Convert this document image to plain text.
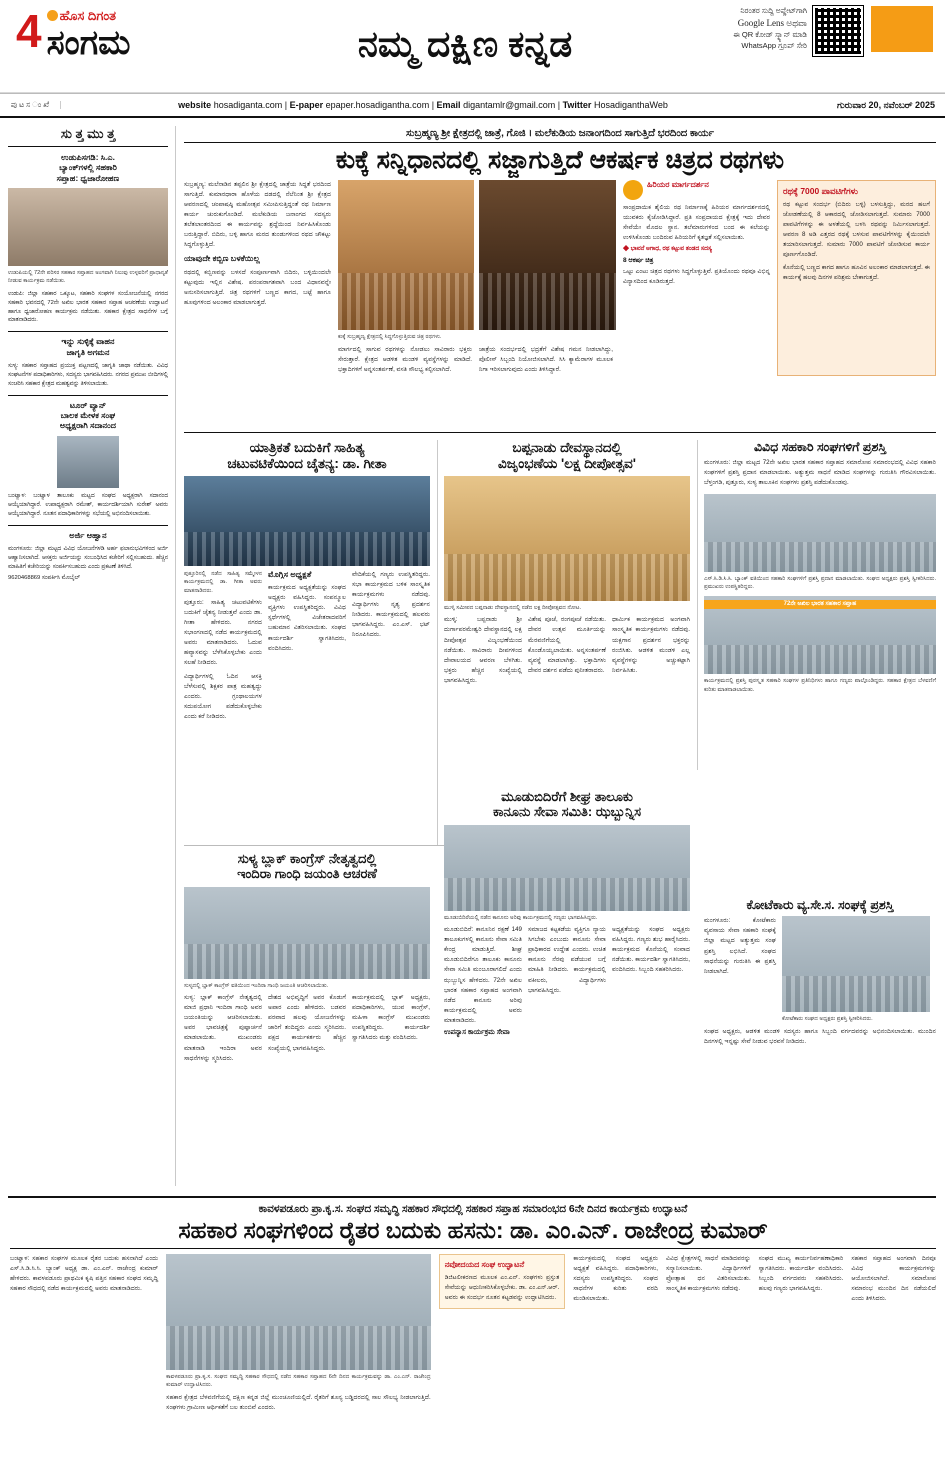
4	ಹೊಸ ದಿಗಂತ
ಸಂಗಮ	ನಮ್ಮ ದಕ್ಷಿಣ ಕನ್ನಡ
ನಿರಂತರ ಸುದ್ದಿ ಅಪ್ಡೇಟ್‌ಗಾಗಿ
Google Lens ಅಥವಾ
ಈ QR ಕೋಡ್ ಸ್ಕ್ಯಾನ್ ಮಾಡಿ
WhatsApp ಗ್ರೂಪ್ ಸೇರಿ
ಪು ಟ ಸ ಂ ಖೆ	website hosadiganta.com | E-paper epaper.hosadigantha.com | Email digantamlr@gmail.com | Twitter HosadiganthaWeb	ಗುರುವಾರ 20, ನವೆಂಬರ್ 2025
ಸು ತ್ತ ಮು ತ್ತ
ಉಡುಪಿಸಗಡಿ: ಸಿ.ಎ.
ಬ್ಯಾಂಕ್‌ಗಳಲ್ಲಿ ಸಹಕಾರಿ
ಸಪ್ತಾಹ: ಧ್ವಜಾರೋಹಣ
ಉಡುಪಿಯಲ್ಲಿ 72ನೇ ಪರಿಸರ ಸಹಕಾರ ಸಪ್ತಾಹದ ಅಂಗವಾಗಿ ನಿಲುವು ಉಳ್ಳವರಿಗೆ ಪ್ರಾಧಾನ್ಯತೆ ನೀಡುವ ಕಾರ್ಯಕ್ರಮ ನಡೆಯಿತು.
ಉಡುಪಿ: ಜಿಲ್ಲಾ ಸಹಕಾರ ಒಕ್ಕೂಟ, ಸಹಕಾರಿ ಸಂಘಗಳ ಸಂಯೋಜನೆಯಲ್ಲಿ ನಗರದ ಸಹಕಾರಿ ಭವನದಲ್ಲಿ 72ನೇ ಅಖಿಲ ಭಾರತ ಸಹಕಾರ ಸಪ್ತಾಹ ಆಚರಣೆಯ ಉದ್ಘಾಟನೆ ಹಾಗೂ ಧ್ವಜಾರೋಹಣ ಕಾರ್ಯಕ್ರಮ ನಡೆಯಿತು. ಸಹಕಾರ ಕ್ಷೇತ್ರದ ಸಾಧನೆಗಳ ಬಗ್ಗೆ ಮಾತನಾಡಿದರು.
ಇನ್ನು ಸುಳ್ಳಿಕ್ಕೆ ವಾಹನ
ಜಾಗೃತಿ ಅಗಮನ
ಸುಳ್ಯ: ಸಹಕಾರ ಸಪ್ತಾಹದ ಪ್ರಯುಕ್ತ ಪಟ್ಟಣದಲ್ಲಿ ಜಾಗೃತಿ ಜಾಥಾ ನಡೆಯಿತು. ವಿವಿಧ ಸಂಘಟನೆಗಳ ಪದಾಧಿಕಾರಿಗಳು, ಸದಸ್ಯರು ಭಾಗವಹಿಸಿದರು. ನಗರದ ಪ್ರಮುಖ ಬೀದಿಗಳಲ್ಲಿ ಸಂಚರಿಸಿ ಸಹಕಾರ ಕ್ಷೇತ್ರದ ಮಹತ್ವವನ್ನು ತಿಳಿಸಲಾಯಿತು.
ಟೂರ್ ವ್ಯಾನ್
ಬಾಲಕ ಮೇಳಕ ಸಂಘ
ಅಧ್ಯಕ್ಷರಾಗಿ ಸದಾನಂದ
ಬಂಟ್ವಾಳ: ಬಂಟ್ವಾಳ ತಾಲೂಕು ಮಟ್ಟದ ಸಂಘದ ಅಧ್ಯಕ್ಷರಾಗಿ ಸದಾನಂದ ಆಯ್ಕೆಯಾಗಿದ್ದಾರೆ. ಉಪಾಧ್ಯಕ್ಷರಾಗಿ ರಮೇಶ್, ಕಾರ್ಯದರ್ಶಿಯಾಗಿ ಸುರೇಶ್ ಅವರು ಆಯ್ಕೆಯಾಗಿದ್ದಾರೆ. ನೂತನ ಪದಾಧಿಕಾರಿಗಳನ್ನು ಸಭೆಯಲ್ಲಿ ಅಭಿನಂದಿಸಲಾಯಿತು.
ಅರ್ಜಿ ಆಹ್ವಾನ
ಮಂಗಳೂರು: ಜಿಲ್ಲಾ ಮಟ್ಟದ ವಿವಿಧ ಯೋಜನೆಗಳಡಿ ಅರ್ಹ ಫಲಾನುಭವಿಗಳಿಂದ ಅರ್ಜಿ ಆಹ್ವಾನಿಸಲಾಗಿದೆ. ಆಸಕ್ತರು ಅರ್ಜಿಯನ್ನು ಸಂಬಂಧಿಸಿದ ಕಚೇರಿಗೆ ಸಲ್ಲಿಸಬಹುದು. ಹೆಚ್ಚಿನ ಮಾಹಿತಿಗೆ ಕಚೇರಿಯನ್ನು ಸಂಪರ್ಕಿಸಬಹುದು ಎಂದು ಪ್ರಕಟಣೆ ತಿಳಿಸಿದೆ.
9620468869 ಸಂಪರ್ಕಿಸಿ ಮೊಬೈಲ್
ಸುಬ್ರಹ್ಮಣ್ಯ ಶ್ರೀ ಕ್ಷೇತ್ರದಲ್ಲಿ ಜಾತ್ರೆ, ಗೊಜಿ । ಮಲೆಕುಡಿಯ ಜನಾಂಗದಿಂದ ಸಾಗುತ್ತಿದೆ ಭರದಿಂದ ಕಾರ್ಯ
ಕುಕ್ಕೆ ಸನ್ನಿಧಾನದಲ್ಲಿ ಸಜ್ಜಾಗುತ್ತಿದೆ ಆಕರ್ಷಕ ಚಿತ್ರದ ರಥಗಳು
ಸುಬ್ರಹ್ಮಣ್ಯ: ಮಲೆನಾಡಿನ ತಪ್ಪಲಿನ ಶ್ರೀ ಕ್ಷೇತ್ರದಲ್ಲಿ ಜಾತ್ರೆಯ ಸಿದ್ಧತೆ ಭರದಿಂದ ಸಾಗುತ್ತಿದೆ. ಕುಮಾರಧಾರಾ ಹೊಳೆಯ ದಡದಲ್ಲಿ ನೆಲೆನಿಂತ ಶ್ರೀ ಕ್ಷೇತ್ರದ ಆವರಣದಲ್ಲಿ ಚಂಪಾಷಷ್ಠಿ ಮಹೋತ್ಸವ ಸಮೀಪಿಸುತ್ತಿದ್ದಂತೆ ರಥ ನಿರ್ಮಾಣ ಕಾರ್ಯ ಚುರುಕುಗೊಂಡಿದೆ. ಮಲೆಕುಡಿಯ ಜನಾಂಗದ ಸದಸ್ಯರು ತಲೆತಲಾಂತರದಿಂದ ಈ ಕಾರ್ಯವನ್ನು ಶ್ರದ್ಧೆಯಿಂದ ನಿರ್ವಹಿಸಿಕೊಂಡು ಬರುತ್ತಿದ್ದಾರೆ. ಬಿದಿರು, ಬಳ್ಳಿ ಹಾಗೂ ಮರದ ತುಂಡುಗಳಿಂದ ರಥದ ಚೌಕಟ್ಟು ಸಿದ್ಧಗೊಳ್ಳುತ್ತಿದೆ.
ಯಾವುದೇ ಕಬ್ಬಿಣ ಬಳಕೆಯಿಲ್ಲ
ರಥದಲ್ಲಿ ಕಬ್ಬಿಣವನ್ನು ಬಳಸದೆ ಸಂಪೂರ್ಣವಾಗಿ ಬಿದಿರು, ಬಳ್ಳಿಯಿಂದಲೇ ಕಟ್ಟುವುದು ಇಲ್ಲಿನ ವಿಶೇಷ. ಪರಂಪರಾಗತವಾಗಿ ಬಂದ ವಿಧಾನವನ್ನೇ ಅನುಸರಿಸಲಾಗುತ್ತಿದೆ. ಚಿತ್ರ ರಥಗಳಿಗೆ ಬಣ್ಣದ ಕಾಗದ, ಬಟ್ಟೆ ಹಾಗೂ ಹೂವುಗಳಿಂದ ಅಲಂಕಾರ ಮಾಡಲಾಗುತ್ತದೆ.
ಕುಕ್ಕೆ ಸುಬ್ರಹ್ಮಣ್ಯ ಕ್ಷೇತ್ರದಲ್ಲಿ ಸಿದ್ಧಗೊಳ್ಳುತ್ತಿರುವ ಚಿತ್ರ ರಥಗಳು.
ಮಾರ್ಗದಲ್ಲಿ ಸಾಗುವ ರಥಗಳನ್ನು ನೋಡಲು ಸಾವಿರಾರು ಭಕ್ತರು ಸೇರುತ್ತಾರೆ. ಕ್ಷೇತ್ರದ ಆಡಳಿತ ಮಂಡಳಿ ವ್ಯವಸ್ಥೆಗಳನ್ನು ಮಾಡಿದೆ. ಭಕ್ತಾದಿಗಳಿಗೆ ಅನ್ನಸಂತರ್ಪಣೆ, ವಸತಿ ಸೌಲಭ್ಯ ಕಲ್ಪಿಸಲಾಗಿದೆ.
ಜಾತ್ರೆಯ ಸಂದರ್ಭದಲ್ಲಿ ಭದ್ರತೆಗೆ ವಿಶೇಷ ಗಮನ ನೀಡಲಾಗಿದ್ದು, ಪೊಲೀಸ್ ಸಿಬ್ಬಂದಿ ನಿಯೋಜಿಸಲಾಗಿದೆ. ಸಿಸಿ ಕ್ಯಾಮೆರಾಗಳ ಮೂಲಕ ನಿಗಾ ಇರಿಸಲಾಗುವುದು ಎಂದು ತಿಳಿಸಿದ್ದಾರೆ.
ಹಿರಿಯರ ಮಾರ್ಗದರ್ಶನ
ಸಾಂಪ್ರದಾಯಿಕ ಶೈಲಿಯ ರಥ ನಿರ್ಮಾಣಕ್ಕೆ ಹಿರಿಯರ ಮಾರ್ಗದರ್ಶನದಲ್ಲಿ ಯುವಕರು ಕೈಜೋಡಿಸಿದ್ದಾರೆ. ಪ್ರತಿ ಸಂಪ್ರದಾಯದ ಕ್ಷೇತ್ರಕ್ಕೆ ಇದು ದೇವರ ಸೇವೆಯೇ ಮೊದಲ ಸ್ಥಾನ. ತಲೆಮಾರುಗಳಿಂದ ಬಂದ ಈ ಕಲೆಯನ್ನು ಉಳಿಸಿಕೊಂಡು ಬಂದಿರುವ ಹಿರಿಯರಿಗೆ ಕೃತಜ್ಞತೆ ಸಲ್ಲಿಸಲಾಯಿತು.
◆ ಭಾವನೆ ಅಗಾಧ, ರಥ ಕಟ್ಟುವ ತಂಡದ ಸದಸ್ಯ
8 ಆಕರ್ಷ ಚಿತ್ರ
ಒಟ್ಟು ಎಂಟು ಚಿತ್ರದ ರಥಗಳು ಸಿದ್ಧಗೊಳ್ಳುತ್ತಿವೆ. ಪ್ರತಿಯೊಂದು ರಥವೂ ವಿಭಿನ್ನ ವಿನ್ಯಾಸದಿಂದ ಕೂಡಿರುತ್ತದೆ.
ರಥಕ್ಕೆ 7000 ಪಾವಟಿಗೆಗಳು
ರಥ ಕಟ್ಟುವ ಸಂದರ್ಭ (ಬಿದಿರು ಬಳ್ಳಿ) ಬಳಸುತ್ತಿದ್ದು, ಮರದ ಹಲಗೆ ಜೋಡಣೆಯಲ್ಲಿ 8 ಆಕಾರದಲ್ಲಿ ಜೋಡಿಸಲಾಗುತ್ತದೆ. ಸುಮಾರು 7000 ಪಾವಟಿಗೆಗಳನ್ನು ಈ ಅಳತೆಯಲ್ಲಿ ಬಳಸಿ ರಥವನ್ನು ನಿರ್ಮಿಸಲಾಗುತ್ತದೆ. ಆವರಣ 8 ಅಡಿ ಎತ್ತರದ ರಥಕ್ಕೆ ಬಳಸುವ ಪಾವಟಿಗೆಗಳನ್ನು ಕೈಯಿಂದಲೇ ತಯಾರಿಸಲಾಗುತ್ತದೆ. ಸುಮಾರು 7000 ಪಾವಟಿಗೆ ಜೋಡಿಸುವ ಕಾರ್ಯ ಪೂರ್ಣಗೊಂಡಿದೆ.
ಕೊನೆಯಲ್ಲಿ ಬಣ್ಣದ ಕಾಗದ ಹಾಗೂ ಹೂವಿನ ಅಲಂಕಾರ ಮಾಡಲಾಗುತ್ತದೆ. ಈ ಕಾರ್ಯಕ್ಕೆ ಹಲವು ದಿನಗಳ ಪರಿಶ್ರಮ ಬೇಕಾಗುತ್ತದೆ.
ಯಾತ್ರಿಕತೆ ಬದುಕಿಗೆ ಸಾಹಿತ್ಯ
ಚಟುವಟಿಕೆಯಿಂದ ಚೈತನ್ಯ: ಡಾ. ಗೀತಾ
ಪುತ್ತೂರಿನಲ್ಲಿ ನಡೆದ ಸಾಹಿತ್ಯ ಸಮ್ಮೇಳನ ಕಾರ್ಯಕ್ರಮದಲ್ಲಿ ಡಾ. ಗೀತಾ ಅವರು ಮಾತನಾಡಿದರು.
ಪುತ್ತೂರು: ಸಾಹಿತ್ಯ ಚಟುವಟಿಕೆಗಳು ಬದುಕಿಗೆ ಚೈತನ್ಯ ನೀಡುತ್ತವೆ ಎಂದು ಡಾ. ಗೀತಾ ಹೇಳಿದರು. ನಗರದ ಸಭಾಂಗಣದಲ್ಲಿ ನಡೆದ ಕಾರ್ಯಕ್ರಮದಲ್ಲಿ ಅವರು ಮಾತನಾಡಿದರು. ಓದುವ ಹವ್ಯಾಸವನ್ನು ಬೆಳೆಸಿಕೊಳ್ಳಬೇಕು ಎಂದು ಸಲಹೆ ನೀಡಿದರು.
ವಿದ್ಯಾರ್ಥಿಗಳಲ್ಲಿ ಓದಿನ ಆಸಕ್ತಿ ಬೆಳೆಸುವಲ್ಲಿ ಶಿಕ್ಷಕರ ಪಾತ್ರ ಮಹತ್ವದ್ದು ಎಂದರು. ಗ್ರಂಥಾಲಯಗಳ ಸದುಪಯೋಗ ಪಡೆದುಕೊಳ್ಳಬೇಕು ಎಂದು ಕರೆ ನೀಡಿದರು.
ಮೊಗ್ಗಿಸ ಅಧ್ಯಕ್ಷತೆ
ಕಾರ್ಯಕ್ರಮದ ಅಧ್ಯಕ್ಷತೆಯನ್ನು ಸಂಘದ ಅಧ್ಯಕ್ಷರು ವಹಿಸಿದ್ದರು. ಸಂಪನ್ಮೂಲ ವ್ಯಕ್ತಿಗಳು ಉಪಸ್ಥಿತರಿದ್ದರು. ವಿವಿಧ ಸ್ಪರ್ಧೆಗಳಲ್ಲಿ ವಿಜೇತರಾದವರಿಗೆ ಬಹುಮಾನ ವಿತರಿಸಲಾಯಿತು. ಸಂಘದ ಕಾರ್ಯದರ್ಶಿ ಸ್ವಾಗತಿಸಿದರು, ವಂದಿಸಿದರು.
ವೇದಿಕೆಯಲ್ಲಿ ಗಣ್ಯರು ಉಪಸ್ಥಿತರಿದ್ದರು. ಸಭಾ ಕಾರ್ಯಕ್ರಮದ ಬಳಿಕ ಸಾಂಸ್ಕೃತಿಕ ಕಾರ್ಯಕ್ರಮಗಳು ನಡೆದವು. ವಿದ್ಯಾರ್ಥಿಗಳು ನೃತ್ಯ ಪ್ರದರ್ಶನ ನೀಡಿದರು. ಕಾರ್ಯಕ್ರಮದಲ್ಲಿ ಹಲವರು ಭಾಗವಹಿಸಿದ್ದರು. ಎಂ.ಎಸ್. ಭಟ್ ನಿರೂಪಿಸಿದರು.
ಬಪ್ಪನಾಡು ದೇವಸ್ಥಾನದಲ್ಲಿ
ವಿಜೃಂಭಣೆಯ 'ಲಕ್ಷ ದೀಪೋತ್ಸವ'
ಮುಳ್ಕಿ ಸಮೀಪದ ಬಪ್ಪನಾಡು ದೇವಸ್ಥಾನದಲ್ಲಿ ನಡೆದ ಲಕ್ಷ ದೀಪೋತ್ಸವದ ನೋಟ.
ಮುಳ್ಕಿ: ಬಪ್ಪನಾಡು ಶ್ರೀ ದುರ್ಗಾಪರಮೇಶ್ವರಿ ದೇವಸ್ಥಾನದಲ್ಲಿ ಲಕ್ಷ ದೀಪೋತ್ಸವ ವಿಜೃಂಭಣೆಯಿಂದ ನಡೆಯಿತು. ಸಾವಿರಾರು ದೀಪಗಳಿಂದ ದೇವಾಲಯದ ಆವರಣ ಬೆಳಗಿತು. ಭಕ್ತರು ಹೆಚ್ಚಿನ ಸಂಖ್ಯೆಯಲ್ಲಿ ಭಾಗವಹಿಸಿದ್ದರು.
ವಿಶೇಷ ಪೂಜೆ, ರಂಗಪೂಜೆ ನಡೆಯಿತು. ದೇವರ ಉತ್ಸವ ಮೂರ್ತಿಯನ್ನು ಮೆರವಣಿಗೆಯಲ್ಲಿ ಕೊಂಡೊಯ್ಯಲಾಯಿತು. ಅನ್ನಸಂತರ್ಪಣೆ ವ್ಯವಸ್ಥೆ ಮಾಡಲಾಗಿತ್ತು. ಭಕ್ತಾದಿಗಳು ದೇವರ ದರ್ಶನ ಪಡೆದು ಪುನೀತರಾದರು.
ಧಾರ್ಮಿಕ ಕಾರ್ಯಕ್ರಮದ ಅಂಗವಾಗಿ ಸಾಂಸ್ಕೃತಿಕ ಕಾರ್ಯಕ್ರಮಗಳು ನಡೆದವು. ಯಕ್ಷಗಾನ ಪ್ರದರ್ಶನ ಭಕ್ತರನ್ನು ರಂಜಿಸಿತು. ಆಡಳಿತ ಮಂಡಳಿ ಎಲ್ಲ ವ್ಯವಸ್ಥೆಗಳನ್ನು ಅಚ್ಚುಕಟ್ಟಾಗಿ ನಿರ್ವಹಿಸಿತು.
ವಿವಿಧ ಸಹಕಾರಿ ಸಂಘಗಳಿಗೆ ಪ್ರಶಸ್ತಿ
ಮಂಗಳೂರು: ಜಿಲ್ಲಾ ಮಟ್ಟದ 72ನೇ ಅಖಿಲ ಭಾರತ ಸಹಕಾರ ಸಪ್ತಾಹದ ಸಮಾರೋಪ ಸಮಾರಂಭದಲ್ಲಿ ವಿವಿಧ ಸಹಕಾರಿ ಸಂಘಗಳಿಗೆ ಪ್ರಶಸ್ತಿ ಪ್ರದಾನ ಮಾಡಲಾಯಿತು. ಅತ್ಯುತ್ತಮ ಸಾಧನೆ ಮಾಡಿದ ಸಂಘಗಳನ್ನು ಗುರುತಿಸಿ ಗೌರವಿಸಲಾಯಿತು. ಬೆಳ್ತಂಗಡಿ, ಪುತ್ತೂರು, ಸುಳ್ಯ ತಾಲೂಕಿನ ಸಂಘಗಳು ಪ್ರಶಸ್ತಿ ಪಡೆದುಕೊಂಡವು.
ಎಸ್.ಸಿ.ಡಿ.ಸಿ.ಸಿ. ಬ್ಯಾಂಕ್ ವತಿಯಿಂದ ಸಹಕಾರಿ ಸಂಘಗಳಿಗೆ ಪ್ರಶಸ್ತಿ ಪ್ರದಾನ ಮಾಡಲಾಯಿತು. ಸಂಘದ ಅಧ್ಯಕ್ಷರು ಪ್ರಶಸ್ತಿ ಸ್ವೀಕರಿಸಿದರು. ಪ್ರಮುಖರು ಉಪಸ್ಥಿತರಿದ್ದರು.
72ನೇ ಅಖಿಲ ಭಾರತ ಸಹಕಾರ ಸಪ್ತಾಹ
ಕಾರ್ಯಕ್ರಮದಲ್ಲಿ ಪ್ರಶಸ್ತಿ ಪುರಸ್ಕೃತ ಸಹಕಾರಿ ಸಂಘಗಳ ಪ್ರತಿನಿಧಿಗಳು ಹಾಗೂ ಗಣ್ಯರು ಪಾಲ್ಗೊಂಡಿದ್ದರು. ಸಹಕಾರ ಕ್ಷೇತ್ರದ ಬೆಳವಣಿಗೆ ಕುರಿತು ಮಾತನಾಡಲಾಯಿತು.
ಸುಳ್ಯ ಬ್ಲಾಕ್ ಕಾಂಗ್ರೆಸ್ ನೇತೃತ್ವದಲ್ಲಿ
ಇಂದಿರಾ ಗಾಂಧಿ ಜಯಂತಿ ಆಚರಣೆ
ಸುಳ್ಯದಲ್ಲಿ ಬ್ಲಾಕ್ ಕಾಂಗ್ರೆಸ್ ವತಿಯಿಂದ ಇಂದಿರಾ ಗಾಂಧಿ ಜಯಂತಿ ಆಚರಿಸಲಾಯಿತು.
ಸುಳ್ಯ: ಬ್ಲಾಕ್ ಕಾಂಗ್ರೆಸ್ ನೇತೃತ್ವದಲ್ಲಿ ಮಾಜಿ ಪ್ರಧಾನಿ ಇಂದಿರಾ ಗಾಂಧಿ ಅವರ ಜಯಂತಿಯನ್ನು ಆಚರಿಸಲಾಯಿತು. ಅವರ ಭಾವಚಿತ್ರಕ್ಕೆ ಪುಷ್ಪಾರ್ಚನೆ ಮಾಡಲಾಯಿತು. ಮುಖಂಡರು ಮಾತನಾಡಿ ಇಂದಿರಾ ಅವರ ಸಾಧನೆಗಳನ್ನು ಸ್ಮರಿಸಿದರು.
ದೇಶದ ಅಭಿವೃದ್ಧಿಗೆ ಅವರ ಕೊಡುಗೆ ಅಪಾರ ಎಂದು ಹೇಳಿದರು. ಬಡವರ ಪರವಾದ ಹಲವು ಯೋಜನೆಗಳನ್ನು ಜಾರಿಗೆ ತಂದಿದ್ದರು ಎಂದು ಸ್ಮರಿಸಿದರು. ಪಕ್ಷದ ಕಾರ್ಯಕರ್ತರು ಹೆಚ್ಚಿನ ಸಂಖ್ಯೆಯಲ್ಲಿ ಭಾಗವಹಿಸಿದ್ದರು.
ಕಾರ್ಯಕ್ರಮದಲ್ಲಿ ಬ್ಲಾಕ್ ಅಧ್ಯಕ್ಷರು, ಪದಾಧಿಕಾರಿಗಳು, ಯುವ ಕಾಂಗ್ರೆಸ್, ಮಹಿಳಾ ಕಾಂಗ್ರೆಸ್ ಮುಖಂಡರು ಉಪಸ್ಥಿತರಿದ್ದರು. ಕಾರ್ಯದರ್ಶಿ ಸ್ವಾಗತಿಸಿದರು ಮತ್ತು ವಂದಿಸಿದರು.
ಮೂಡುಬಿದಿರೆಗೆ ಶೀಘ್ರ ತಾಲೂಕು
ಕಾನೂನು ಸೇವಾ ಸಮಿತಿ: ಝಬ್ಬುನ್ನಿಸ
ಮೂಡುಬಿದಿರೆಯಲ್ಲಿ ನಡೆದ ಕಾನೂನು ಅರಿವು ಕಾರ್ಯಕ್ರಮದಲ್ಲಿ ಗಣ್ಯರು ಭಾಗವಹಿಸಿದ್ದರು.
ಮೂಡುಬಿದಿರೆ: ಕಾನೂನಿನ ರಕ್ಷಣೆ 149 ತಾಲೂಕುಗಳಲ್ಲಿ ಕಾನೂನು ಸೇವಾ ಸಮಿತಿ ಕೇಂದ್ರ ಮಾಡುತ್ತಿದೆ. ಶೀಘ್ರ ಮೂಡುಬಿದಿರೆಗೂ ತಾಲೂಕು ಕಾನೂನು ಸೇವಾ ಸಮಿತಿ ಮಂಜೂರಾಗಲಿದೆ ಎಂದು ಝಬ್ಬುನ್ನಿಸ ಹೇಳಿದರು. 72ನೇ ಅಖಿಲ ಭಾರತ ಸಹಕಾರ ಸಪ್ತಾಹದ ಅಂಗವಾಗಿ ನಡೆದ ಕಾನೂನು ಅರಿವು ಕಾರ್ಯಕ್ರಮದಲ್ಲಿ ಅವರು ಮಾತನಾಡಿದರು.
ಉಪನ್ಯಾಸ ಕಾರ್ಯಕ್ರಮ ಸೇವಾ
ಸಮಾಜದ ಕಟ್ಟಕಡೆಯ ವ್ಯಕ್ತಿಗೂ ನ್ಯಾಯ ಸಿಗಬೇಕು ಎಂಬುದು ಕಾನೂನು ಸೇವಾ ಪ್ರಾಧಿಕಾರದ ಉದ್ದೇಶ ಎಂದರು. ಉಚಿತ ಕಾನೂನು ನೆರವು ಪಡೆಯುವ ಬಗ್ಗೆ ಮಾಹಿತಿ ನೀಡಿದರು. ಕಾರ್ಯಕ್ರಮದಲ್ಲಿ ವಕೀಲರು, ವಿದ್ಯಾರ್ಥಿಗಳು ಭಾಗವಹಿಸಿದ್ದರು.
ಅಧ್ಯಕ್ಷತೆಯನ್ನು ಸಂಘದ ಅಧ್ಯಕ್ಷರು ವಹಿಸಿದ್ದರು. ಗಣ್ಯರು ಶುಭ ಹಾರೈಸಿದರು. ಕಾರ್ಯಕ್ರಮದ ಕೊನೆಯಲ್ಲಿ ಸಂವಾದ ನಡೆಯಿತು. ಕಾರ್ಯದರ್ಶಿ ಸ್ವಾಗತಿಸಿದರು, ವಂದಿಸಿದರು. ಸಿಬ್ಬಂದಿ ಸಹಕರಿಸಿದರು.
ಕೋಟೆಕಾರು ವ್ಯ.ಸೇ.ಸ. ಸಂಘಕ್ಕೆ ಪ್ರಶಸ್ತಿ
ಮಂಗಳೂರು: ಕೋಟೆಕಾರು ವ್ಯವಸಾಯ ಸೇವಾ ಸಹಕಾರಿ ಸಂಘಕ್ಕೆ ಜಿಲ್ಲಾ ಮಟ್ಟದ ಅತ್ಯುತ್ತಮ ಸಂಘ ಪ್ರಶಸ್ತಿ ಲಭಿಸಿದೆ. ಸಂಘದ ಸಾಧನೆಯನ್ನು ಗುರುತಿಸಿ ಈ ಪ್ರಶಸ್ತಿ ನೀಡಲಾಗಿದೆ.
ಕೋಟೆಕಾರು ಸಂಘದ ಅಧ್ಯಕ್ಷರು ಪ್ರಶಸ್ತಿ ಸ್ವೀಕರಿಸಿದರು.
ಸಂಘದ ಅಧ್ಯಕ್ಷರು, ಆಡಳಿತ ಮಂಡಳಿ ಸದಸ್ಯರು ಹಾಗೂ ಸಿಬ್ಬಂದಿ ವರ್ಗದವರನ್ನು ಅಭಿನಂದಿಸಲಾಯಿತು. ಮುಂದಿನ ದಿನಗಳಲ್ಲಿ ಇನ್ನಷ್ಟು ಸೇವೆ ನೀಡುವ ಭರವಸೆ ನೀಡಿದರು.
ಕಾವಳಪಡೂರು ಪ್ರಾ.ಕೃ.ಸ. ಸಂಘದ ಸಮೃದ್ಧಿ ಸಹಕಾರ ಸೌಧದಲ್ಲಿ ಸಹಕಾರ ಸಪ್ತಾಹ ಸಮಾರಂಭದ 6ನೇ ದಿನದ ಕಾರ್ಯಕ್ರಮ ಉದ್ಘಾಟನೆ
ಸಹಕಾರ ಸಂಘಗಳಿಂದ ರೈತರ ಬದುಕು ಹಸನು: ಡಾ. ಎಂ.ಎನ್. ರಾಜೇಂದ್ರ ಕುಮಾರ್
ಬಂಟ್ವಾಳ: ಸಹಕಾರ ಸಂಘಗಳ ಮೂಲಕ ರೈತರ ಬದುಕು ಹಸನಾಗಿದೆ ಎಂದು ಎಸ್.ಸಿ.ಡಿ.ಸಿ.ಸಿ. ಬ್ಯಾಂಕ್ ಅಧ್ಯಕ್ಷ ಡಾ. ಎಂ.ಎನ್. ರಾಜೇಂದ್ರ ಕುಮಾರ್ ಹೇಳಿದರು. ಕಾವಳಪಡೂರು ಪ್ರಾಥಮಿಕ ಕೃಷಿ ಪತ್ತಿನ ಸಹಕಾರ ಸಂಘದ ಸಮೃದ್ಧಿ ಸಹಕಾರ ಸೌಧದಲ್ಲಿ ನಡೆದ ಕಾರ್ಯಕ್ರಮದಲ್ಲಿ ಅವರು ಮಾತನಾಡಿದರು.
ಕಾವಳಪಡೂರು ಪ್ರಾ.ಕೃ.ಸ. ಸಂಘದ ಸಮೃದ್ಧಿ ಸಹಕಾರ ಸೌಧದಲ್ಲಿ ನಡೆದ ಸಹಕಾರ ಸಪ್ತಾಹದ 6ನೇ ದಿನದ ಕಾರ್ಯಕ್ರಮವನ್ನು ಡಾ. ಎಂ.ಎನ್. ರಾಜೇಂದ್ರ ಕುಮಾರ್ ಉದ್ಘಾಟಿಸಿದರು.
ಸಹಕಾರ ಕ್ಷೇತ್ರದ ಬೆಳವಣಿಗೆಯಲ್ಲಿ ದಕ್ಷಿಣ ಕನ್ನಡ ಜಿಲ್ಲೆ ಮುಂಚೂಣಿಯಲ್ಲಿದೆ. ರೈತರಿಗೆ ಶೂನ್ಯ ಬಡ್ಡಿದರದಲ್ಲಿ ಸಾಲ ಸೌಲಭ್ಯ ನೀಡಲಾಗುತ್ತಿದೆ. ಸಂಘಗಳು ಗ್ರಾಮೀಣ ಆರ್ಥಿಕತೆಗೆ ಬಲ ತುಂಬಿವೆ ಎಂದರು.
ನವೋದಯದ ಸಂಘ ಉದ್ಘಾಟನೆ
ಡಿಜಿಟಲೀಕರಣದ ಮೂಲಕ ಎಂ.ಎನ್. ಸಂಘಗಳು ಪ್ರಸ್ತುತ ಸೇವೆಯನ್ನು ಆಧುನೀಕರಿಸಿಕೊಳ್ಳಬೇಕು. ಡಾ. ಎಂ.ಎನ್.ಆರ್. ಅವರು ಈ ಸಂದರ್ಭ ನೂತನ ಕಟ್ಟಡವನ್ನು ಉದ್ಘಾಟಿಸಿದರು.
ಕಾರ್ಯಕ್ರಮದಲ್ಲಿ ಸಂಘದ ಅಧ್ಯಕ್ಷರು ಅಧ್ಯಕ್ಷತೆ ವಹಿಸಿದ್ದರು. ಪದಾಧಿಕಾರಿಗಳು, ಸದಸ್ಯರು ಉಪಸ್ಥಿತರಿದ್ದರು. ಸಂಘದ ಸಾಧನೆಗಳ ಕುರಿತು ವರದಿ ಮಂಡಿಸಲಾಯಿತು.
ವಿವಿಧ ಕ್ಷೇತ್ರಗಳಲ್ಲಿ ಸಾಧನೆ ಮಾಡಿದವರನ್ನು ಸನ್ಮಾನಿಸಲಾಯಿತು. ವಿದ್ಯಾರ್ಥಿಗಳಿಗೆ ಪ್ರೋತ್ಸಾಹ ಧನ ವಿತರಿಸಲಾಯಿತು. ಸಾಂಸ್ಕೃತಿಕ ಕಾರ್ಯಕ್ರಮಗಳು ನಡೆದವು.
ಸಂಘದ ಮುಖ್ಯ ಕಾರ್ಯನಿರ್ವಹಣಾಧಿಕಾರಿ ಸ್ವಾಗತಿಸಿದರು. ಕಾರ್ಯದರ್ಶಿ ವಂದಿಸಿದರು. ಸಿಬ್ಬಂದಿ ವರ್ಗದವರು ಸಹಕರಿಸಿದರು. ಹಲವು ಗಣ್ಯರು ಭಾಗವಹಿಸಿದ್ದರು.
ಸಹಕಾರ ಸಪ್ತಾಹದ ಅಂಗವಾಗಿ ದಿನವೂ ವಿವಿಧ ಕಾರ್ಯಕ್ರಮಗಳನ್ನು ಆಯೋಜಿಸಲಾಗಿದೆ. ಸಮಾರೋಪ ಸಮಾರಂಭ ಮುಂದಿನ ದಿನ ನಡೆಯಲಿದೆ ಎಂದು ತಿಳಿಸಿದರು.
